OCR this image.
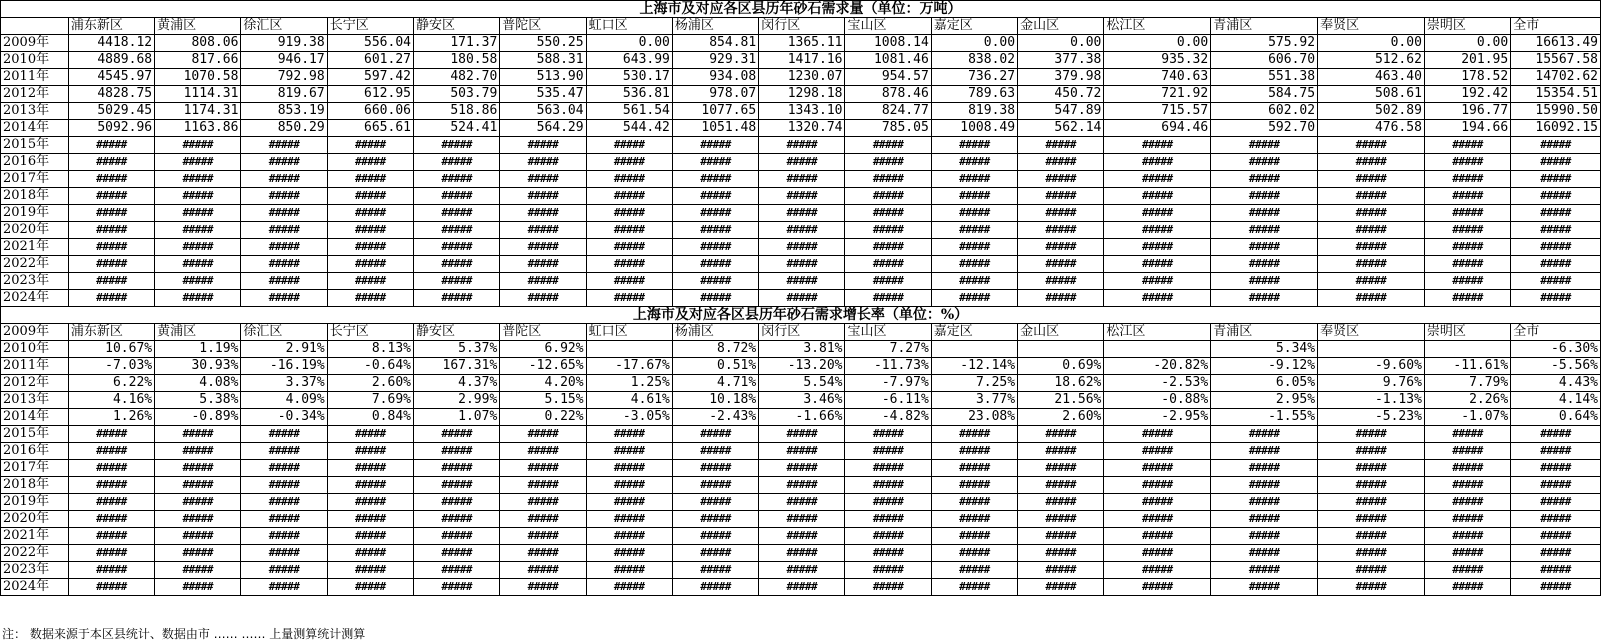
上海市及对应各区县历年砂石需求量（单位：万吨）																	
	浦东新区	黄浦区	徐汇区	长宁区	静安区	普陀区	虹口区	杨浦区	闵行区	宝山区	嘉定区	金山区	松江区	青浦区	奉贤区	崇明区	全市
2009年	4418.12	808.06	919.38	556.04	171.37	550.25	0.00	854.81	1365.11	1008.14	0.00	0.00	0.00	575.92	0.00	0.00	16613.49
2010年	4889.68	817.66	946.17	601.27	180.58	588.31	643.99	929.31	1417.16	1081.46	838.02	377.38	935.32	606.70	512.62	201.95	15567.58
2011年	4545.97	1070.58	792.98	597.42	482.70	513.90	530.17	934.08	1230.07	954.57	736.27	379.98	740.63	551.38	463.40	178.52	14702.62
2012年	4828.75	1114.31	819.67	612.95	503.79	535.47	536.81	978.07	1298.18	878.46	789.63	450.72	721.92	584.75	508.61	192.42	15354.51
2013年	5029.45	1174.31	853.19	660.06	518.86	563.04	561.54	1077.65	1343.10	824.77	819.38	547.89	715.57	602.02	502.89	196.77	15990.50
2014年	5092.96	1163.86	850.29	665.61	524.41	564.29	544.42	1051.48	1320.74	785.05	1008.49	562.14	694.46	592.70	476.58	194.66	16092.15
2015年	#####	#####	#####	#####	#####	#####	#####	#####	#####	#####	#####	#####	#####	#####	#####	#####	#####
2016年	#####	#####	#####	#####	#####	#####	#####	#####	#####	#####	#####	#####	#####	#####	#####	#####	#####
2017年	#####	#####	#####	#####	#####	#####	#####	#####	#####	#####	#####	#####	#####	#####	#####	#####	#####
2018年	#####	#####	#####	#####	#####	#####	#####	#####	#####	#####	#####	#####	#####	#####	#####	#####	#####
2019年	#####	#####	#####	#####	#####	#####	#####	#####	#####	#####	#####	#####	#####	#####	#####	#####	#####
2020年	#####	#####	#####	#####	#####	#####	#####	#####	#####	#####	#####	#####	#####	#####	#####	#####	#####
2021年	#####	#####	#####	#####	#####	#####	#####	#####	#####	#####	#####	#####	#####	#####	#####	#####	#####
2022年	#####	#####	#####	#####	#####	#####	#####	#####	#####	#####	#####	#####	#####	#####	#####	#####	#####
2023年	#####	#####	#####	#####	#####	#####	#####	#####	#####	#####	#####	#####	#####	#####	#####	#####	#####
2024年	#####	#####	#####	#####	#####	#####	#####	#####	#####	#####	#####	#####	#####	#####	#####	#####	#####
上海市及对应各区县历年砂石需求增长率（单位：%）																	
2009年	浦东新区	黄浦区	徐汇区	长宁区	静安区	普陀区	虹口区	杨浦区	闵行区	宝山区	嘉定区	金山区	松江区	青浦区	奉贤区	崇明区	全市
2010年	10.67%	1.19%	2.91%	8.13%	5.37%	6.92%		8.72%	3.81%	7.27%				5.34%			-6.30%
2011年	-7.03%	30.93%	-16.19%	-0.64%	167.31%	-12.65%	-17.67%	0.51%	-13.20%	-11.73%	-12.14%	0.69%	-20.82%	-9.12%	-9.60%	-11.61%	-5.56%
2012年	6.22%	4.08%	3.37%	2.60%	4.37%	4.20%	1.25%	4.71%	5.54%	-7.97%	7.25%	18.62%	-2.53%	6.05%	9.76%	7.79%	4.43%
2013年	4.16%	5.38%	4.09%	7.69%	2.99%	5.15%	4.61%	10.18%	3.46%	-6.11%	3.77%	21.56%	-0.88%	2.95%	-1.13%	2.26%	4.14%
2014年	1.26%	-0.89%	-0.34%	0.84%	1.07%	0.22%	-3.05%	-2.43%	-1.66%	-4.82%	23.08%	2.60%	-2.95%	-1.55%	-5.23%	-1.07%	0.64%
2015年	#####	#####	#####	#####	#####	#####	#####	#####	#####	#####	#####	#####	#####	#####	#####	#####	#####
2016年	#####	#####	#####	#####	#####	#####	#####	#####	#####	#####	#####	#####	#####	#####	#####	#####	#####
2017年	#####	#####	#####	#####	#####	#####	#####	#####	#####	#####	#####	#####	#####	#####	#####	#####	#####
2018年	#####	#####	#####	#####	#####	#####	#####	#####	#####	#####	#####	#####	#####	#####	#####	#####	#####
2019年	#####	#####	#####	#####	#####	#####	#####	#####	#####	#####	#####	#####	#####	#####	#####	#####	#####
2020年	#####	#####	#####	#####	#####	#####	#####	#####	#####	#####	#####	#####	#####	#####	#####	#####	#####
2021年	#####	#####	#####	#####	#####	#####	#####	#####	#####	#####	#####	#####	#####	#####	#####	#####	#####
2022年	#####	#####	#####	#####	#####	#####	#####	#####	#####	#####	#####	#####	#####	#####	#####	#####	#####
2023年	#####	#####	#####	#####	#####	#####	#####	#####	#####	#####	#####	#####	#####	#####	#####	#####	#####
2024年	#####	#####	#####	#####	#####	#####	#####	#####	#####	#####	#####	#####	#####	#####	#####	#####	#####
注： 数据来源于本区县统计、数据由市 …… …… 上量测算统计测算
